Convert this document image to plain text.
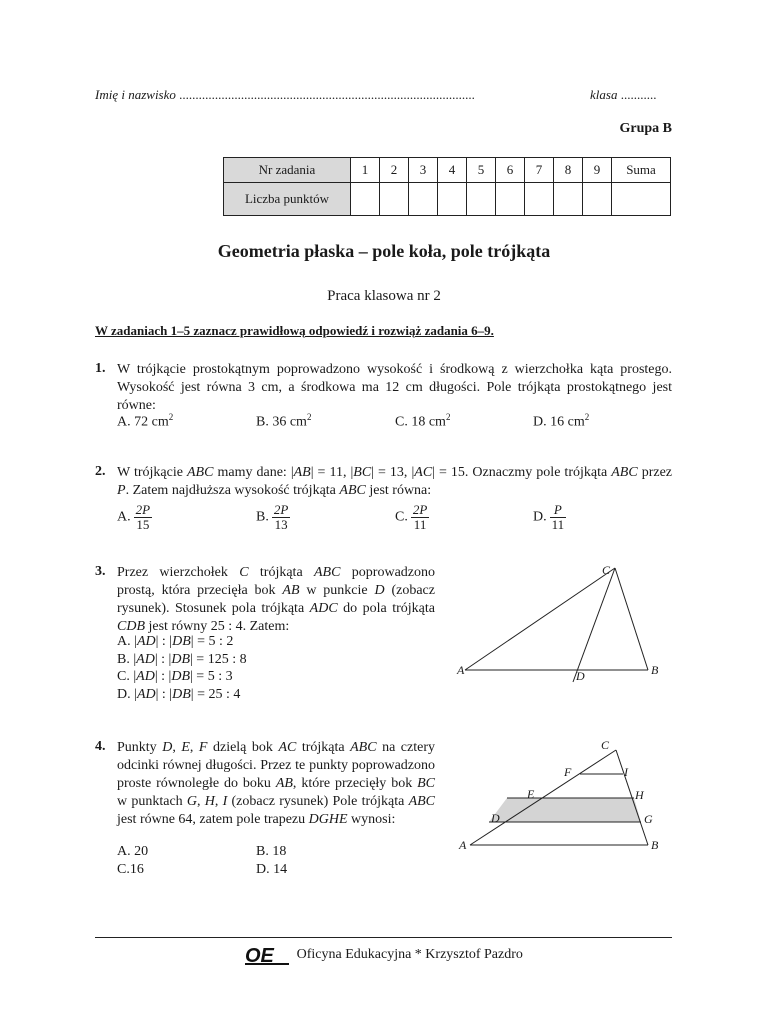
Imię i nazwisko ...........................................................................................	klasa ...........
Grupa B
Nr zadania	1	2	3	4	5	6	7	8	9	Suma
Liczba punktów										
Geometria płaska – pole koła, pole trójkąta
Praca klasowa nr 2
W zadaniach 1–5 zaznacz prawidłową odpowiedź i rozwiąż zadania 6–9.
1. W trójkącie prostokątnym poprowadzono wysokość i środkową z wierzchołka kąta prostego. Wysokość jest równa 3 cm, a środkowa ma 12 cm długości. Pole trójkąta prostokątnego jest równe:
A. 72 $cm^2$	B. 36 $cm^2$	C. 18 $cm^2$	D. 16 $cm^2$
2. W trójkącie ABC mamy dane: |AB| = 11, |BC| = 13, |AC| = 15. Oznaczmy pole trójkąta ABC przez P. Zatem najdłuższa wysokość trójkąta ABC jest równa:
A. $\frac{2P}{15}$	B. $\frac{2P}{13}$	C. $\frac{2P}{11}$	D. $\frac{P}{11}$
3. Przez wierzchołek C trójkąta ABC poprowadzono prostą, która przecięła bok AB w punkcie D (zobacz rysunek). Stosunek pola trójkąta ADC do pola trójkąta CDB jest równy 25 : 4. Zatem:
A. |AD| : |DB| = 5 : 2
B. |AD| : |DB| = 125 : 8
C. |AD| : |DB| = 5 : 3
D. |AD| : |DB| = 25 : 4
C
A	B
D
4. Punkty D, E, F dzielą bok AC trójkąta ABC na cztery odcinki równej długości. Przez te punkty poprowadzono proste równoległe do boku AB, które przecięły bok BC w punktach G, H, I (zobacz rysunek) Pole trójkąta ABC jest równe 64, zatem pole trapezu DGHE wynosi:
A. 20	B. 18
C.16	D. 14
C
F	I
E	H
D	G
A	B
OE Oficyna Edukacyjna * Krzysztof Pazdro
